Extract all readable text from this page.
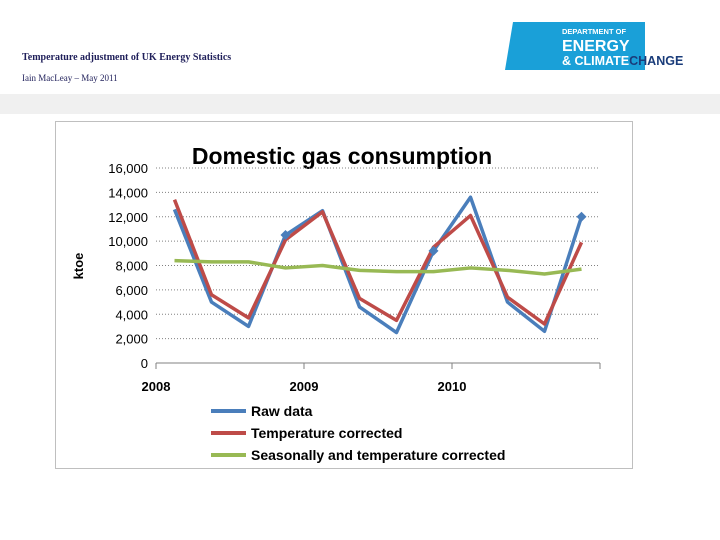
Temperature adjustment of UK Energy Statistics
Iain MacLeay – May 2011
DEPARTMENT OF
ENERGY
& CLIMATECHANGE
Domestic gas consumption
ktoe
0
2,000
4,000
6,000
8,000
10,000
12,000
14,000
16,000
2008	2009	2010
Raw data
Temperature corrected
Seasonally and temperature corrected
